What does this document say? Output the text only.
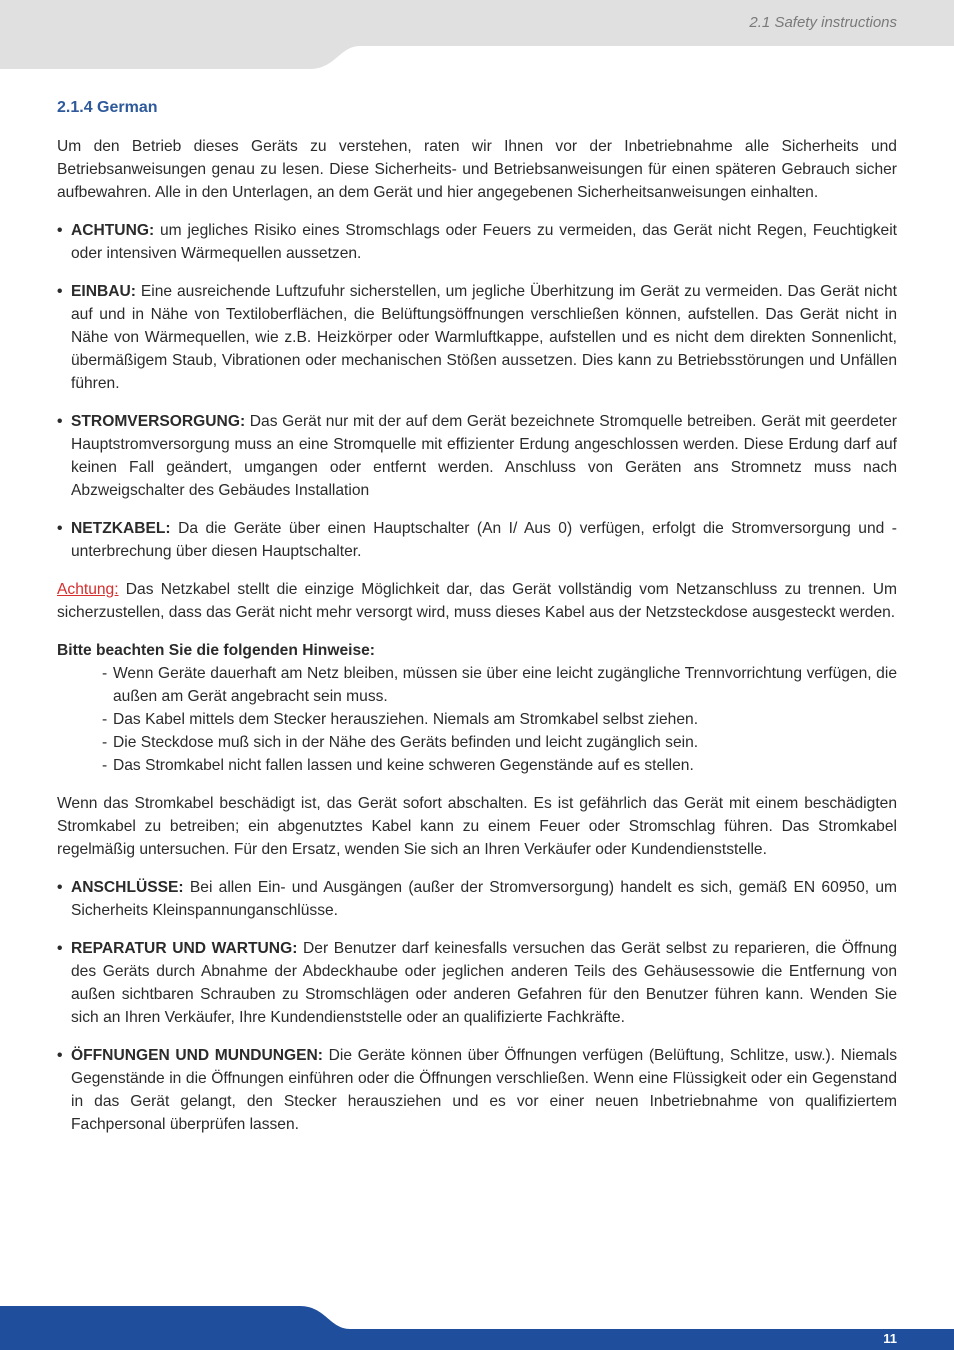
2.1 Safety instructions
2.1.4 German

Um den Betrieb dieses Geräts zu verstehen, raten wir Ihnen vor der Inbetriebnahme alle Sicherheits und Betriebsanweisungen genau zu lesen. Diese Sicherheits- und Betriebsanweisungen für einen späteren Gebrauch sicher aufbewahren. Alle in den Unterlagen, an dem Gerät und hier angegebenen Sicherheitsanweisungen einhalten.

• ACHTUNG: um jegliches Risiko eines Stromschlags oder Feuers zu vermeiden, das Gerät nicht Regen, Feuchtigkeit oder intensiven Wärmequellen aussetzen.
• EINBAU: Eine ausreichende Luftzufuhr sicherstellen, um jegliche Überhitzung im Gerät zu vermeiden. Das Gerät nicht auf und in Nähe von Textiloberflächen, die Belüftungsöffnungen verschließen können, aufstellen. Das Gerät nicht in Nähe von Wärmequellen, wie z.B. Heizkörper oder Warmluftkappe, aufstellen und es nicht dem direkten Sonnenlicht, übermäßigem Staub, Vibrationen oder mechanischen Stößen aussetzen. Dies kann zu Betriebsstörungen und Unfällen führen.
• STROMVERSORGUNG: Das Gerät nur mit der auf dem Gerät bezeichnete Stromquelle betreiben. Gerät mit geerdeter Hauptstromversorgung muss an eine Stromquelle mit effizienter Erdung angeschlossen werden. Diese Erdung darf auf keinen Fall geändert, umgangen oder entfernt werden. Anschluss von Geräten ans Stromnetz muss nach Abzweigschalter des Gebäudes Installation
• NETZKABEL: Da die Geräte über einen Hauptschalter (An I/ Aus 0) verfügen, erfolgt die Stromversorgung und -unterbrechung über diesen Hauptschalter.

Achtung: Das Netzkabel stellt die einzige Möglichkeit dar, das Gerät vollständig vom Netzanschluss zu trennen. Um sicherzustellen, dass das Gerät nicht mehr versorgt wird, muss dieses Kabel aus der Netzsteckdose ausgesteckt werden.

Bitte beachten Sie die folgenden Hinweise:

- Wenn Geräte dauerhaft am Netz bleiben, müssen sie über eine leicht zugängliche Trennvorrichtung verfügen, die außen am Gerät angebracht sein muss.
- Das Kabel mittels dem Stecker herausziehen. Niemals am Stromkabel selbst ziehen.
- Die Steckdose muß sich in der Nähe des Geräts befinden und leicht zugänglich sein.
- Das Stromkabel nicht fallen lassen und keine schweren Gegenstände auf es stellen.

Wenn das Stromkabel beschädigt ist, das Gerät sofort abschalten. Es ist gefährlich das Gerät mit einem beschädigten Stromkabel zu betreiben; ein abgenutztes Kabel kann zu einem Feuer oder Stromschlag führen. Das Stromkabel regelmäßig untersuchen. Für den Ersatz, wenden Sie sich an Ihren Verkäufer oder Kundendienststelle.

• ANSCHLÜSSE: Bei allen Ein- und Ausgängen (außer der Stromversorgung) handelt es sich, gemäß EN 60950, um Sicherheits Kleinspannunganschlüsse.
• REPARATUR UND WARTUNG: Der Benutzer darf keinesfalls versuchen das Gerät selbst zu reparieren, die Öffnung des Geräts durch Abnahme der Abdeckhaube oder jeglichen anderen Teils des Gehäusessowie die Entfernung von außen sichtbaren Schrauben zu Stromschlägen oder anderen Gefahren für den Benutzer führen kann. Wenden Sie sich an Ihren Verkäufer, Ihre Kundendienststelle oder an qualifizierte Fachkräfte.
• ÖFFNUNGEN UND MUNDUNGEN: Die Geräte können über Öffnungen verfügen (Belüftung, Schlitze, usw.). Niemals Gegenstände in die Öffnungen einführen oder die Öffnungen verschließen. Wenn eine Flüssigkeit oder ein Gegenstand in das Gerät gelangt, den Stecker herausziehen und es vor einer neuen Inbetriebnahme von qualifiziertem Fachpersonal überprüfen lassen.
11
